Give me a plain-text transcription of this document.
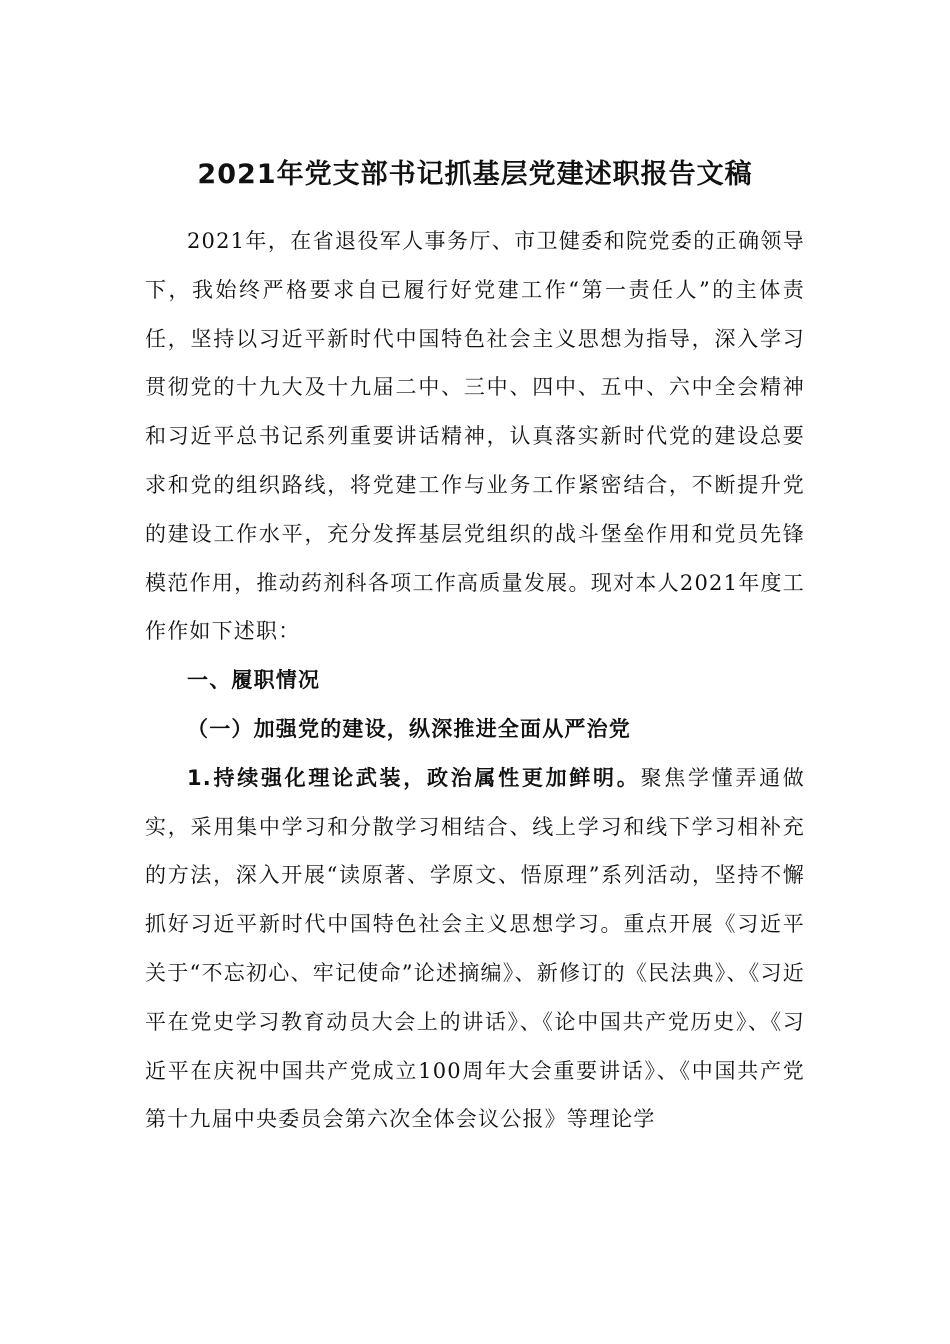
2021年党支部书记抓基层党建述职报告文稿

2021年，在省退役军人事务厅、市卫健委和院党委的正确领导下，我始终严格要求自已履行好党建工作“第一责任人”的主体责任，坚持以习近平新时代中国特色社会主义思想为指导，深入学习贯彻党的十九大及十九届二中、三中、四中、五中、六中全会精神和习近平总书记系列重要讲话精神，认真落实新时代党的建设总要求和党的组织路线，将党建工作与业务工作紧密结合，不断提升党的建设工作水平，充分发挥基层党组织的战斗堡垒作用和党员先锋模范作用，推动药剂科各项工作高质量发展。现对本人2021年度工作作如下述职：

一、履职情况

（一）加强党的建设，纵深推进全面从严治党

1.持续强化理论武装，政治属性更加鲜明。聚焦学懂弄通做实，采用集中学习和分散学习相结合、线上学习和线下学习相补充的方法，深入开展“读原著、学原文、悟原理”系列活动，坚持不懈抓好习近平新时代中国特色社会主义思想学习。重点开展《习近平关于“不忘初心、牢记使命”论述摘编》、新修订的《民法典》、《习近平在党史学习教育动员大会上的讲话》、《论中国共产党历史》、《习近平在庆祝中国共产党成立100周年大会重要讲话》、《中国共产党第十九届中央委员会第六次全体会议公报》等理论学
